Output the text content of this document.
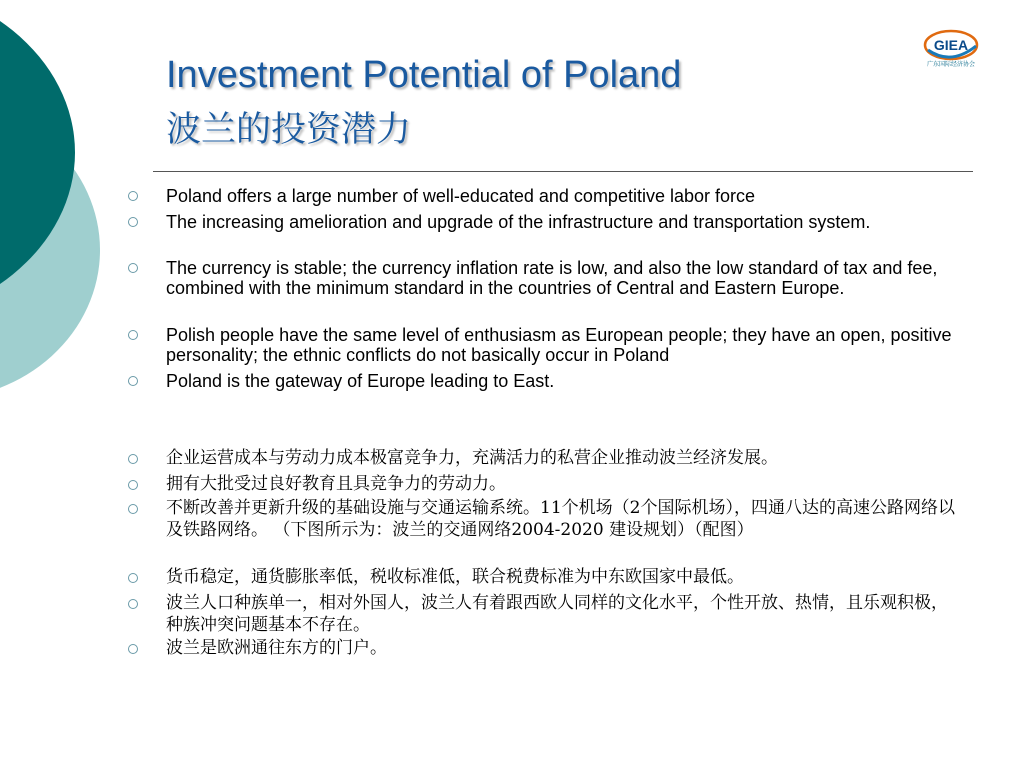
GIEA
广东国际经济协会
Investment Potential of Poland
波兰的投资潜力
Poland offers a large number of well-educated and competitive labor force
The increasing amelioration and upgrade of the infrastructure and transportation system.
The currency is stable; the currency inflation rate is low, and also the low standard of tax and fee, combined with the minimum standard in the countries of Central and Eastern Europe.
Polish people have the same level of enthusiasm as European people; they have an open, positive personality; the ethnic conflicts do not basically occur in Poland
Poland is the gateway of Europe leading to East.
企业运营成本与劳动力成本极富竞争力，充满活力的私营企业推动波兰经济发展。
拥有大批受过良好教育且具竞争力的劳动力。
不断改善并更新升级的基础设施与交通运输系统。11个机场（2个国际机场），四通八达的高速公路网络以及铁路网络。 （下图所示为：波兰的交通网络2004-2020 建设规划）（配图）
货币稳定，通货膨胀率低，税收标准低，联合税费标准为中东欧国家中最低。
波兰人口种族单一，相对外国人，波兰人有着跟西欧人同样的文化水平，个性开放、热情，且乐观积极， 种族冲突问题基本不存在。
波兰是欧洲通往东方的门户。
